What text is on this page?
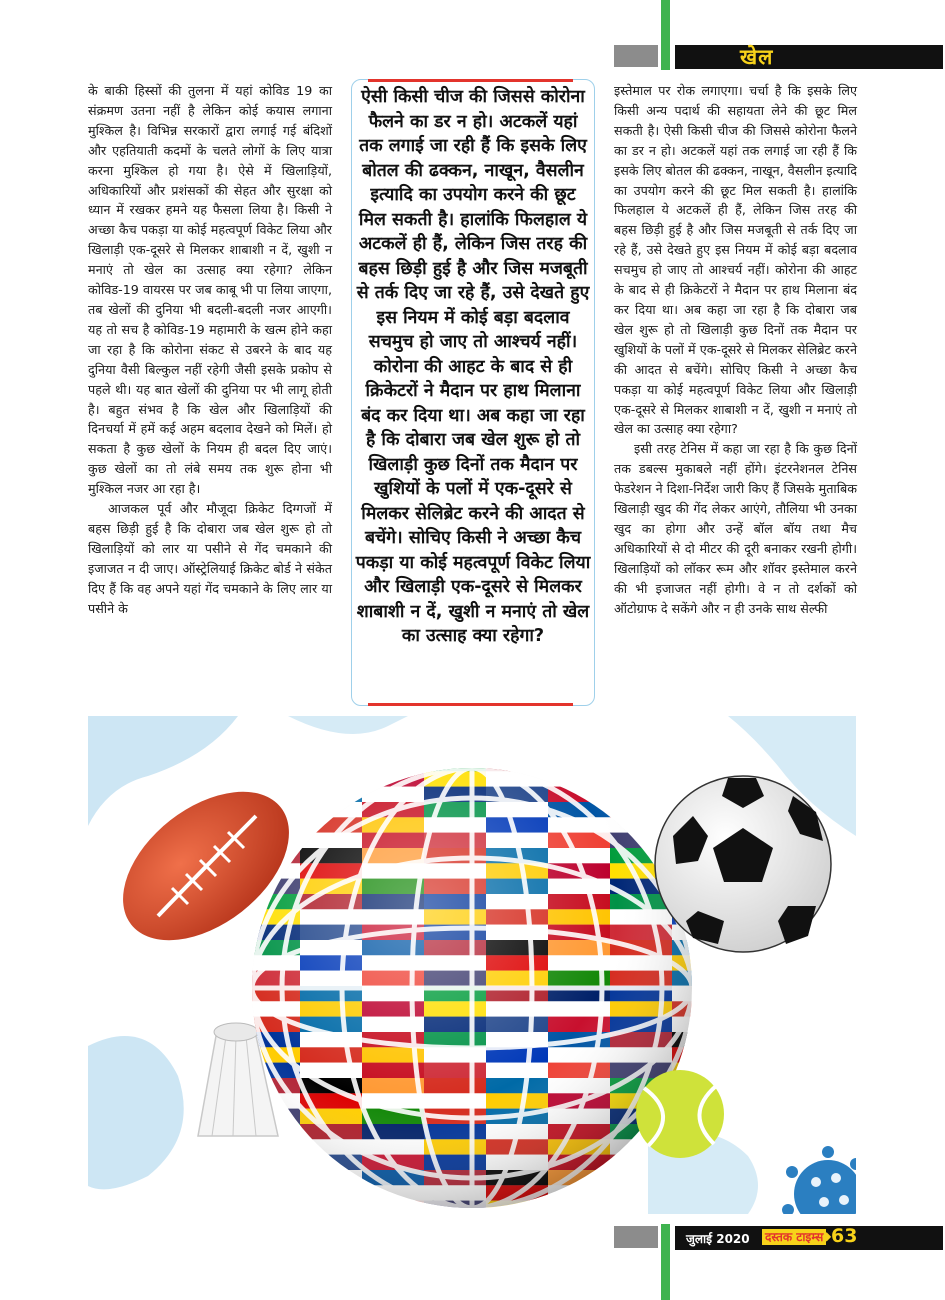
खेल

के बाकी हिस्सों की तुलना में यहां कोविड 19 का संक्रमण उतना नहीं है लेकिन कोई कयास लगाना मुश्किल है। विभिन्न सरकारों द्वारा लगाई गई बंदिशों और एहतियाती कदमों के चलते लोगों के लिए यात्रा करना मुश्किल हो गया है। ऐसे में खिलाड़ियों, अधिकारियों और प्रशंसकों की सेहत और सुरक्षा को ध्यान में रखकर हमने यह फैसला लिया है। किसी ने अच्छा कैच पकड़ा या कोई महत्वपूर्ण विकेट लिया और खिलाड़ी एक-दूसरे से मिलकर शाबाशी न दें, खुशी न मनाएं तो खेल का उत्साह क्या रहेगा? लेकिन कोविड-19 वायरस पर जब काबू भी पा लिया जाएगा, तब खेलों की दुनिया भी बदली-बदली नजर आएगी। यह तो सच है कोविड-19 महामारी के खत्म होने कहा जा रहा है कि कोरोना संकट से उबरने के बाद यह दुनिया वैसी बिल्कुल नहीं रहेगी जैसी इसके प्रकोप से पहले थी। यह बात खेलों की दुनिया पर भी लागू होती है। बहुत संभव है कि खेल और खिलाड़ियों की दिनचर्या में हमें कई अहम बदलाव देखने को मिलें। हो सकता है कुछ खेलों के नियम ही बदल दिए जाएं। कुछ खेलों का तो लंबे समय तक शुरू होना भी मुश्किल नजर आ रहा है।

आजकल पूर्व और मौजूदा क्रिकेट दिग्गजों में बहस छिड़ी हुई है कि दोबारा जब खेल शुरू हो तो खिलाड़ियों को लार या पसीने से गेंद चमकाने की इजाजत न दी जाए। ऑस्ट्रेलियाई क्रिकेट बोर्ड ने संकेत दिए हैं कि वह अपने यहां गेंद चमकाने के लिए लार या पसीने के

ऐसी किसी चीज की जिससे कोरोना फैलने का डर न हो। अटकलें यहां तक लगाई जा रही हैं कि इसके लिए बोतल की ढक्कन, नाखून, वैसलीन इत्यादि का उपयोग करने की छूट मिल सकती है। हालांकि फिलहाल ये अटकलें ही हैं, लेकिन जिस तरह की बहस छिड़ी हुई है और जिस मजबूती से तर्क दिए जा रहे हैं, उसे देखते हुए इस नियम में कोई बड़ा बदलाव सचमुच हो जाए तो आश्चर्य नहीं। कोरोना की आहट के बाद से ही क्रिकेटरों ने मैदान पर हाथ मिलाना बंद कर दिया था। अब कहा जा रहा है कि दोबारा जब खेल शुरू हो तो खिलाड़ी कुछ दिनों तक मैदान पर खुशियों के पलों में एक-दूसरे से मिलकर सेलिब्रेट करने की आदत से बचेंगे। सोचिए किसी ने अच्छा कैच पकड़ा या कोई महत्वपूर्ण विकेट लिया और खिलाड़ी एक-दूसरे से मिलकर शाबाशी न दें, खुशी न मनाएं तो खेल का उत्साह क्या रहेगा?

इस्तेमाल पर रोक लगाएगा। चर्चा है कि इसके लिए किसी अन्य पदार्थ की सहायता लेने की छूट मिल सकती है। ऐसी किसी चीज की जिससे कोरोना फैलने का डर न हो। अटकलें यहां तक लगाई जा रही हैं कि इसके लिए बोतल की ढक्कन, नाखून, वैसलीन इत्यादि का उपयोग करने की छूट मिल सकती है। हालांकि फिलहाल ये अटकलें ही हैं, लेकिन जिस तरह की बहस छिड़ी हुई है और जिस मजबूती से तर्क दिए जा रहे हैं, उसे देखते हुए इस नियम में कोई बड़ा बदलाव सचमुच हो जाए तो आश्चर्य नहीं। कोरोना की आहट के बाद से ही क्रिकेटरों ने मैदान पर हाथ मिलाना बंद कर दिया था। अब कहा जा रहा है कि दोबारा जब खेल शुरू हो तो खिलाड़ी कुछ दिनों तक मैदान पर खुशियों के पलों में एक-दूसरे से मिलकर सेलिब्रेट करने की आदत से बचेंगे। सोचिए किसी ने अच्छा कैच पकड़ा या कोई महत्वपूर्ण विकेट लिया और खिलाड़ी एक-दूसरे से मिलकर शाबाशी न दें, खुशी न मनाएं तो खेल का उत्साह क्या रहेगा?

इसी तरह टेनिस में कहा जा रहा है कि कुछ दिनों तक डबल्स मुकाबले नहीं होंगे। इंटरनेशनल टेनिस फेडरेशन ने दिशा-निर्देश जारी किए हैं जिसके मुताबिक खिलाड़ी खुद की गेंद लेकर आएंगे, तौलिया भी उनका खुद का होगा और उन्हें बॉल बॉय तथा मैच अधिकारियों से दो मीटर की दूरी बनाकर रखनी होगी। खिलाड़ियों को लॉकर रूम और शॉवर इस्तेमाल करने की भी इजाजत नहीं होगी। वे न तो दर्शकों को ऑटोग्राफ दे सकेंगे और न ही उनके साथ सेल्फी

जुलाई 2020 दस्तक टाइम्स
◆ 63
